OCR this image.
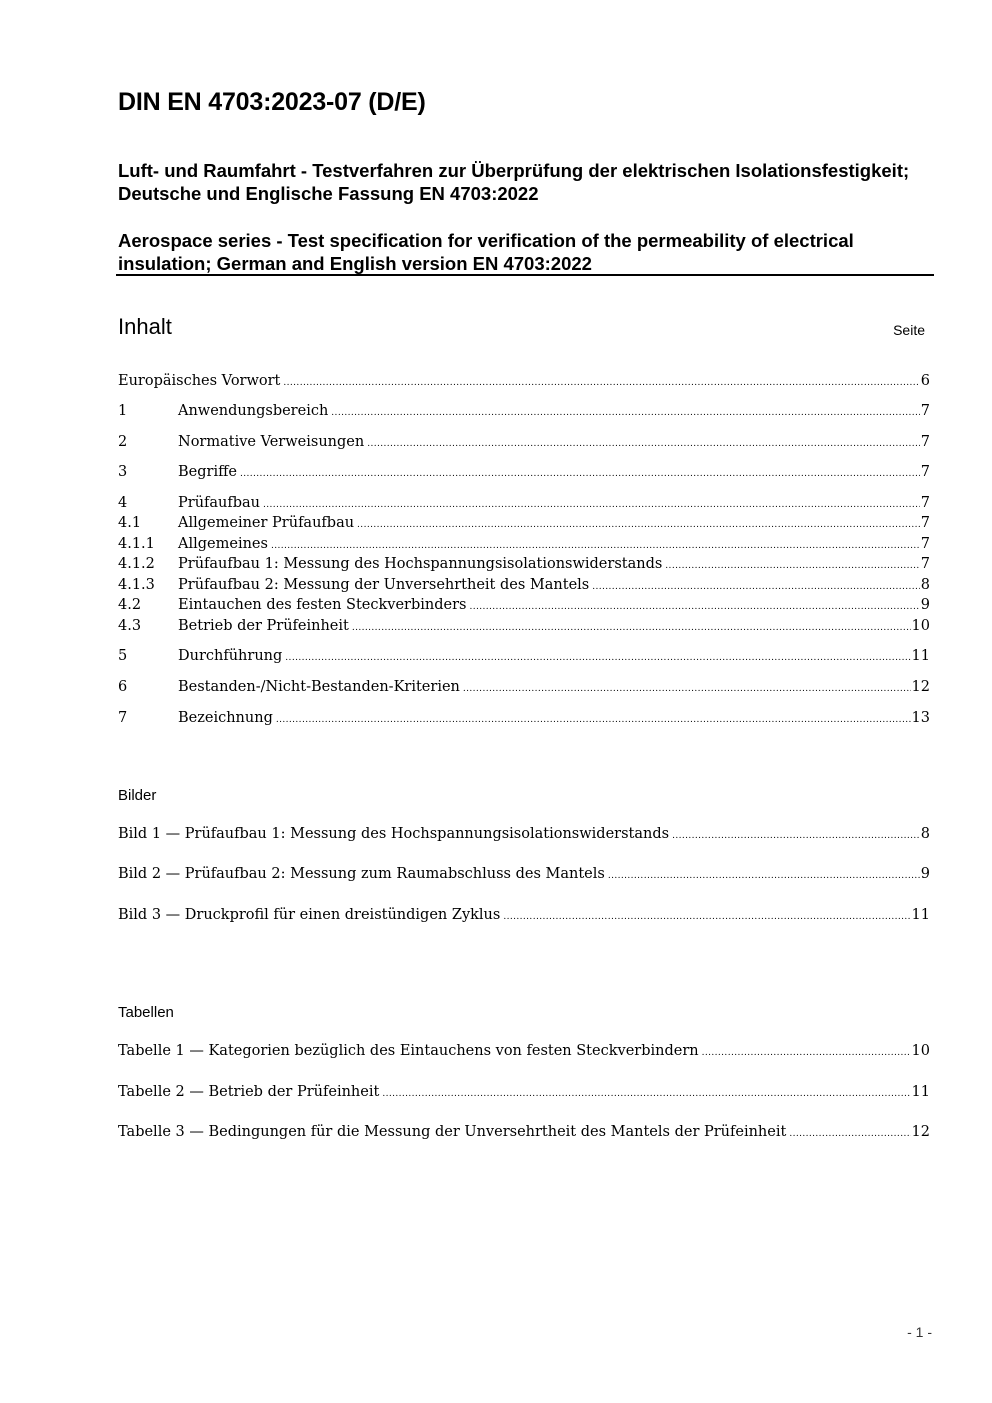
DIN EN 4703:2023-07 (D/E)
Luft- und Raumfahrt - Testverfahren zur Überprüfung der elektrischen Isolationsfestigkeit; Deutsche und Englische Fassung EN 4703:2022
Aerospace series - Test specification for verification of the permeability of electrical insulation; German and English version EN 4703:2022
Inhalt	Seite
Europäisches Vorwort .....	6
1	Anwendungsbereich .....	7
2	Normative Verweisungen .....	7
3	Begriffe .....	7
4	Prüfaufbau .....	7
4.1	Allgemeiner Prüfaufbau .....	7
4.1.1	Allgemeines .....	7
4.1.2	Prüfaufbau 1: Messung des Hochspannungsisolationswiderstands .....	7
4.1.3	Prüfaufbau 2: Messung der Unversehrtheit des Mantels .....	8
4.2	Eintauchen des festen Steckverbinders .....	9
4.3	Betrieb der Prüfeinheit .....	10
5	Durchführung .....	11
6	Bestanden-/Nicht-Bestanden-Kriterien .....	12
7	Bezeichnung .....	13
Bilder
Bild 1 — Prüfaufbau 1: Messung des Hochspannungsisolationswiderstands .....	8
Bild 2 — Prüfaufbau 2: Messung zum Raumabschluss des Mantels .....	9
Bild 3 — Druckprofil für einen dreistündigen Zyklus .....	11
Tabellen
Tabelle 1 — Kategorien bezüglich des Eintauchens von festen Steckverbindern .....	10
Tabelle 2 — Betrieb der Prüfeinheit .....	11
Tabelle 3 — Bedingungen für die Messung der Unversehrtheit des Mantels der Prüfeinheit .....	12
- 1 -
